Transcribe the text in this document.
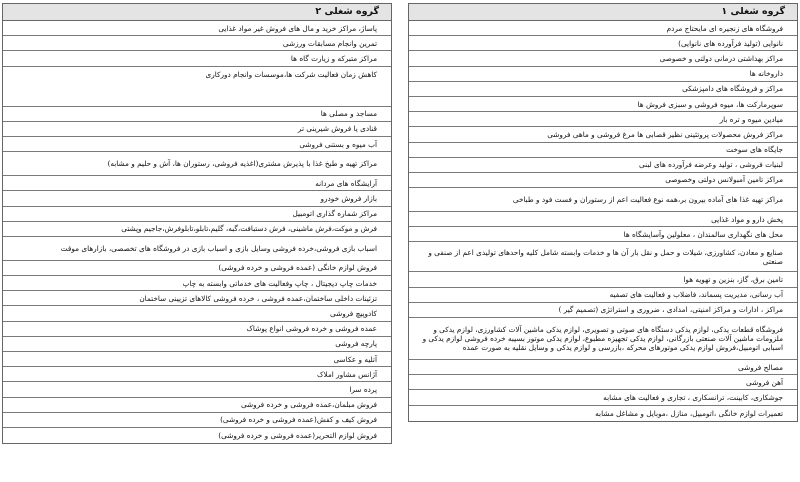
گروه شغلی ۲
پاساژ، مراکز خرید و مال های فروش غیر مواد غذایی
تمرین وانجام مسابقات ورزشی
مراکز متبرکه و زیارت گاه ها
کاهش زمان فعالیت شرکت ها،موسسات وانجام دورکاری
مساجد و مصلی ها
قنادی یا فروش شیرینی تر
آب میوه و بستنی فروشی
مراکز تهیه و طبخ غذا با پذیرش مشتری(اغذیه فروشی، رستوران ها، آش و حلیم و مشابه)
آرایشگاه های مردانه
بازار فروش خودرو
مراکز شماره گذاری اتومبیل
فرش و موکت،فرش ماشینی، فرش دستبافت،گبه، گلیم،تابلو،تابلوفرش،جاجیم وپشتی
اسباب بازی فروشی،خرده فروشی وسایل بازی و اسباب بازی در فروشگاه های تخصصی، بازارهای موقت
فروش لوازم خانگی (عمده فروشی و خرده فروشی)
خدمات چاپ دیجیتال ، چاپ وفعالیت های خدماتی وابسته به چاپ
تزئینات داخلی ساختمان،عمده فروشی ، خرده فروشی کالاهای تزیینی ساختمان
کادوپیچ فروشی
عمده فروشی و خرده فروشی انواع پوشاک
پارچه فروشی
آتلیه و عکاسی
آژانس مشاور املاک
پرده سرا
فروش مبلمان،عمده فروشی و خرده فروشی
فروش کیف و کفش(عمده فروشی و خرده فروشی)
فروش لوازم التحریر(عمده فروشی و خرده فروشی)
گروه شغلی ۱
فروشگاه های زنجیره ای مایحتاج مردم
نانوایی (تولید فرآورده های نانوایی)
مراکز بهداشتی درمانی دولتی و خصوصی
داروخانه ها
مراکز و فروشگاه های دامپزشکی
سوپرمارکت ها، میوه فروشی و سبزی فروش ها
میادین میوه و تره بار
مراکز فروش محصولات پروتئینی نظیر قصابی ها مرغ فروشی و ماهی فروشی
جایگاه های سوخت
لبنیات فروشی ، تولید وعرضه فرآورده های لبنی
مراکز تامین آمبولانس دولتی وخصوصی
مراکز تهیه غذا های آماده بیرون بر،همه نوع فعالیت اعم از رستوران و فست فود و طباخی
پخش دارو و مواد غذایی
محل های نگهداری سالمندان ، معلولین وآسایشگاه ها
صنایع و معادن، کشاورزی، شیلات و حمل و نقل بار آن ها و خدمات وابسته شامل کلیه واحدهای تولیدی اعم از صنفی و صنعتی
تامین برق، گاز، بنزین و تهویه هوا
آب رسانی، مدیریت پسماند، فاضلاب و فعالیت های تصفیه
مراکز ، ادارات و مراکز امنیتی، امدادی ، ضروری و استراتژی (تصمیم گیر )
فروشگاه قطعات یدکی، لوازم یدکی دستگاه های صوتی و تصویری، لوازم یدکی ماشین آلات کشاورزی، لوازم یدکی و ملزومات ماشین آلات صنعتی بازرگانی، لوازم یدکی تجهیزه مطبوع، لوازم یدکی موتور بسیبه خرده فروشی لوازم یدکی و اسبابی اتومبیل،فروش لوازم یدکی موتورهای محرکه ،بازرسی و لوازم یدکی و وسایل نقلیه به صورت عمده
مصالح فروشی
آهن فروشی
جوشکاری، کابینت، ترانسکاری ، تجاری و فعالیت های مشابه
تعمیرات لوازم خانگی ،اتومبیل، منازل ،موبایل و مشاغل مشابه
